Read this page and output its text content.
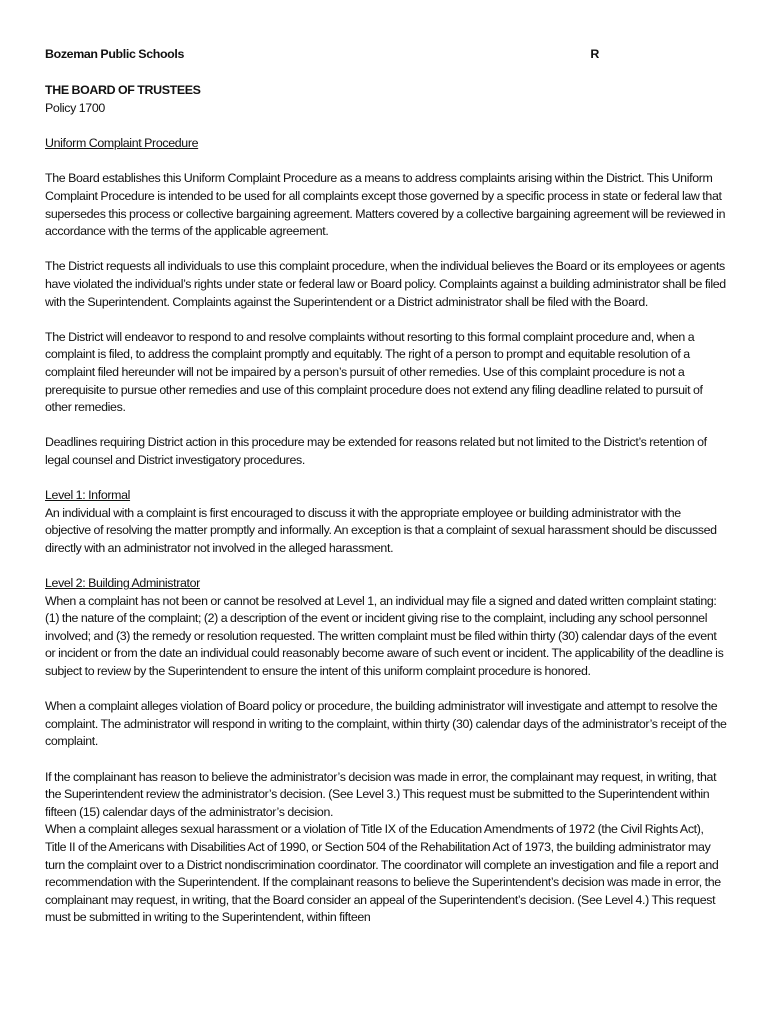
Bozeman Public Schools	R
THE BOARD OF TRUSTEES
Policy 1700
Uniform Complaint Procedure

The Board establishes this Uniform Complaint Procedure as a means to address complaints arising within the District. This Uniform Complaint Procedure is intended to be used for all complaints except those governed by a specific process in state or federal law that supersedes this process or collective bargaining agreement. Matters covered by a collective bargaining agreement will be reviewed in accordance with the terms of the applicable agreement.

The District requests all individuals to use this complaint procedure, when the individual believes the Board or its employees or agents have violated the individual’s rights under state or federal law or Board policy. Complaints against a building administrator shall be filed with the Superintendent. Complaints against the Superintendent or a District administrator shall be filed with the Board.

The District will endeavor to respond to and resolve complaints without resorting to this formal complaint procedure and, when a complaint is filed, to address the complaint promptly and equitably. The right of a person to prompt and equitable resolution of a complaint filed hereunder will not be impaired by a person’s pursuit of other remedies. Use of this complaint procedure is not a prerequisite to pursue other remedies and use of this complaint procedure does not extend any filing deadline related to pursuit of other remedies.

Deadlines requiring District action in this procedure may be extended for reasons related but not limited to the District’s retention of legal counsel and District investigatory procedures.

Level 1: Informal

An individual with a complaint is first encouraged to discuss it with the appropriate employee or building administrator with the objective of resolving the matter promptly and informally. An exception is that a complaint of sexual harassment should be discussed directly with an administrator not involved in the alleged harassment.

Level 2: Building Administrator

When a complaint has not been or cannot be resolved at Level 1, an individual may file a signed and dated written complaint stating: (1) the nature of the complaint; (2) a description of the event or incident giving rise to the complaint, including any school personnel involved; and (3) the remedy or resolution requested. The written complaint must be filed within thirty (30) calendar days of the event or incident or from the date an individual could reasonably become aware of such event or incident. The applicability of the deadline is subject to review by the Superintendent to ensure the intent of this uniform complaint procedure is honored.

When a complaint alleges violation of Board policy or procedure, the building administrator will investigate and attempt to resolve the complaint. The administrator will respond in writing to the complaint, within thirty (30) calendar days of the administrator’s receipt of the complaint.

If the complainant has reason to believe the administrator’s decision was made in error, the complainant may request, in writing, that the Superintendent review the administrator’s decision. (See Level 3.) This request must be submitted to the Superintendent within fifteen (15) calendar days of the administrator’s decision.

When a complaint alleges sexual harassment or a violation of Title IX of the Education Amendments of 1972 (the Civil Rights Act), Title II of the Americans with Disabilities Act of 1990, or Section 504 of the Rehabilitation Act of 1973, the building administrator may turn the complaint over to a District nondiscrimination coordinator. The coordinator will complete an investigation and file a report and recommendation with the Superintendent. If the complainant reasons to believe the Superintendent’s decision was made in error, the complainant may request, in writing, that the Board consider an appeal of the Superintendent’s decision. (See Level 4.) This request must be submitted in writing to the Superintendent, within fifteen
